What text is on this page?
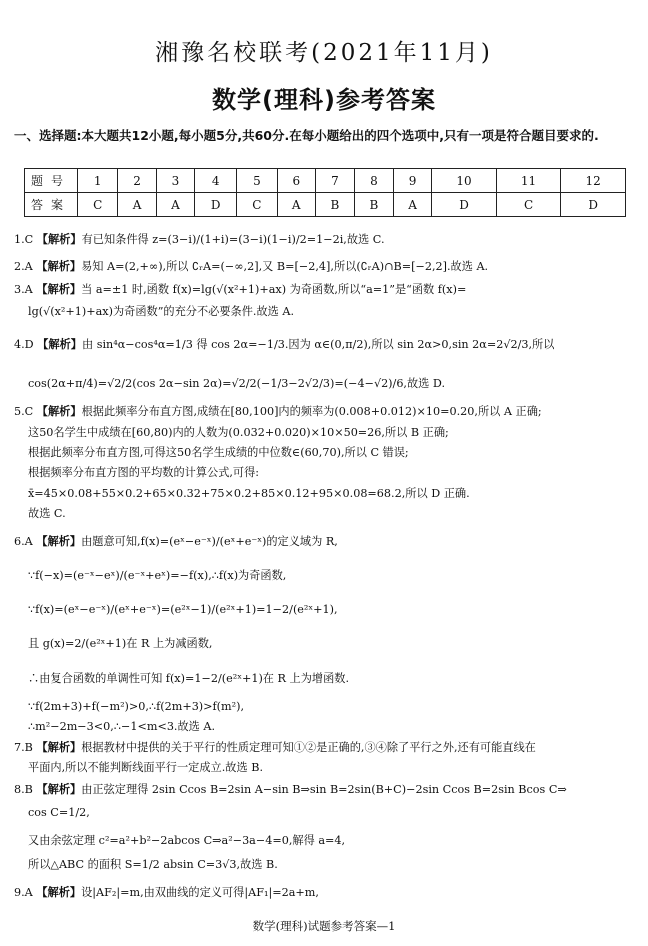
湘豫名校联考(2021年11月)
数学(理科)参考答案
一、选择题:本大题共12小题,每小题5分,共60分.在每小题给出的四个选项中,只有一项是符合题目要求的.
题号	1	2	3	4	5	6	7	8	9	10	11	12
答案	C	A	A	D	C	A	B	B	A	D	C	D
1.C 【解析】有已知条件得 z=(3−i)/(1+i)=(3−i)(1−i)/2=1−2i,故选 C.
2.A 【解析】易知 A=(2,+∞),所以 ∁ᵣA=(−∞,2],又 B=[−2,4],所以(∁ᵣA)∩B=[−2,2].故选 A.
3.A 【解析】当 a=±1 时,函数 f(x)=lg(√(x²+1)+ax) 为奇函数,所以“a=1”是“函数 f(x)=
lg(√(x²+1)+ax)为奇函数”的充分不必要条件.故选 A.
4.D 【解析】由 sin⁴α−cos⁴α=1/3 得 cos 2α=−1/3.因为 α∈(0,π/2),所以 sin 2α>0,sin 2α=2√2/3,所以
cos(2α+π/4)=√2/2(cos 2α−sin 2α)=√2/2(−1/3−2√2/3)=(−4−√2)/6,故选 D.
5.C 【解析】根据此频率分布直方图,成绩在[80,100]内的频率为(0.008+0.012)×10=0.20,所以 A 正确;
这50名学生中成绩在[60,80)内的人数为(0.032+0.020)×10×50=26,所以 B 正确;
根据此频率分布直方图,可得这50名学生成绩的中位数∈(60,70),所以 C 错误;
根据频率分布直方图的平均数的计算公式,可得:
x̄=45×0.08+55×0.2+65×0.32+75×0.2+85×0.12+95×0.08=68.2,所以 D 正确.
故选 C.
6.A 【解析】由题意可知,f(x)=(eˣ−e⁻ˣ)/(eˣ+e⁻ˣ)的定义域为 R,
∵f(−x)=(e⁻ˣ−eˣ)/(e⁻ˣ+eˣ)=−f(x),∴f(x)为奇函数,
∵f(x)=(eˣ−e⁻ˣ)/(eˣ+e⁻ˣ)=(e²ˣ−1)/(e²ˣ+1)=1−2/(e²ˣ+1),
且 g(x)=2/(e²ˣ+1)在 R 上为减函数,
∴由复合函数的单调性可知 f(x)=1−2/(e²ˣ+1)在 R 上为增函数.
∵f(2m+3)+f(−m²)>0,∴f(2m+3)>f(m²),
∴m²−2m−3<0,∴−1<m<3.故选 A.
7.B 【解析】根据教材中提供的关于平行的性质定理可知①②是正确的,③④除了平行之外,还有可能直线在
平面内,所以不能判断线面平行一定成立.故选 B.
8.B 【解析】由正弦定理得 2sin Ccos B=2sin A−sin B⇒sin B=2sin(B+C)−2sin Ccos B=2sin Bcos C⇒
cos C=1/2,
又由余弦定理 c²=a²+b²−2abcos C⇒a²−3a−4=0,解得 a=4,
所以△ABC 的面积 S=1/2 absin C=3√3,故选 B.
9.A 【解析】设|AF₂|=m,由双曲线的定义可得|AF₁|=2a+m,
数学(理科)试题参考答案—1
